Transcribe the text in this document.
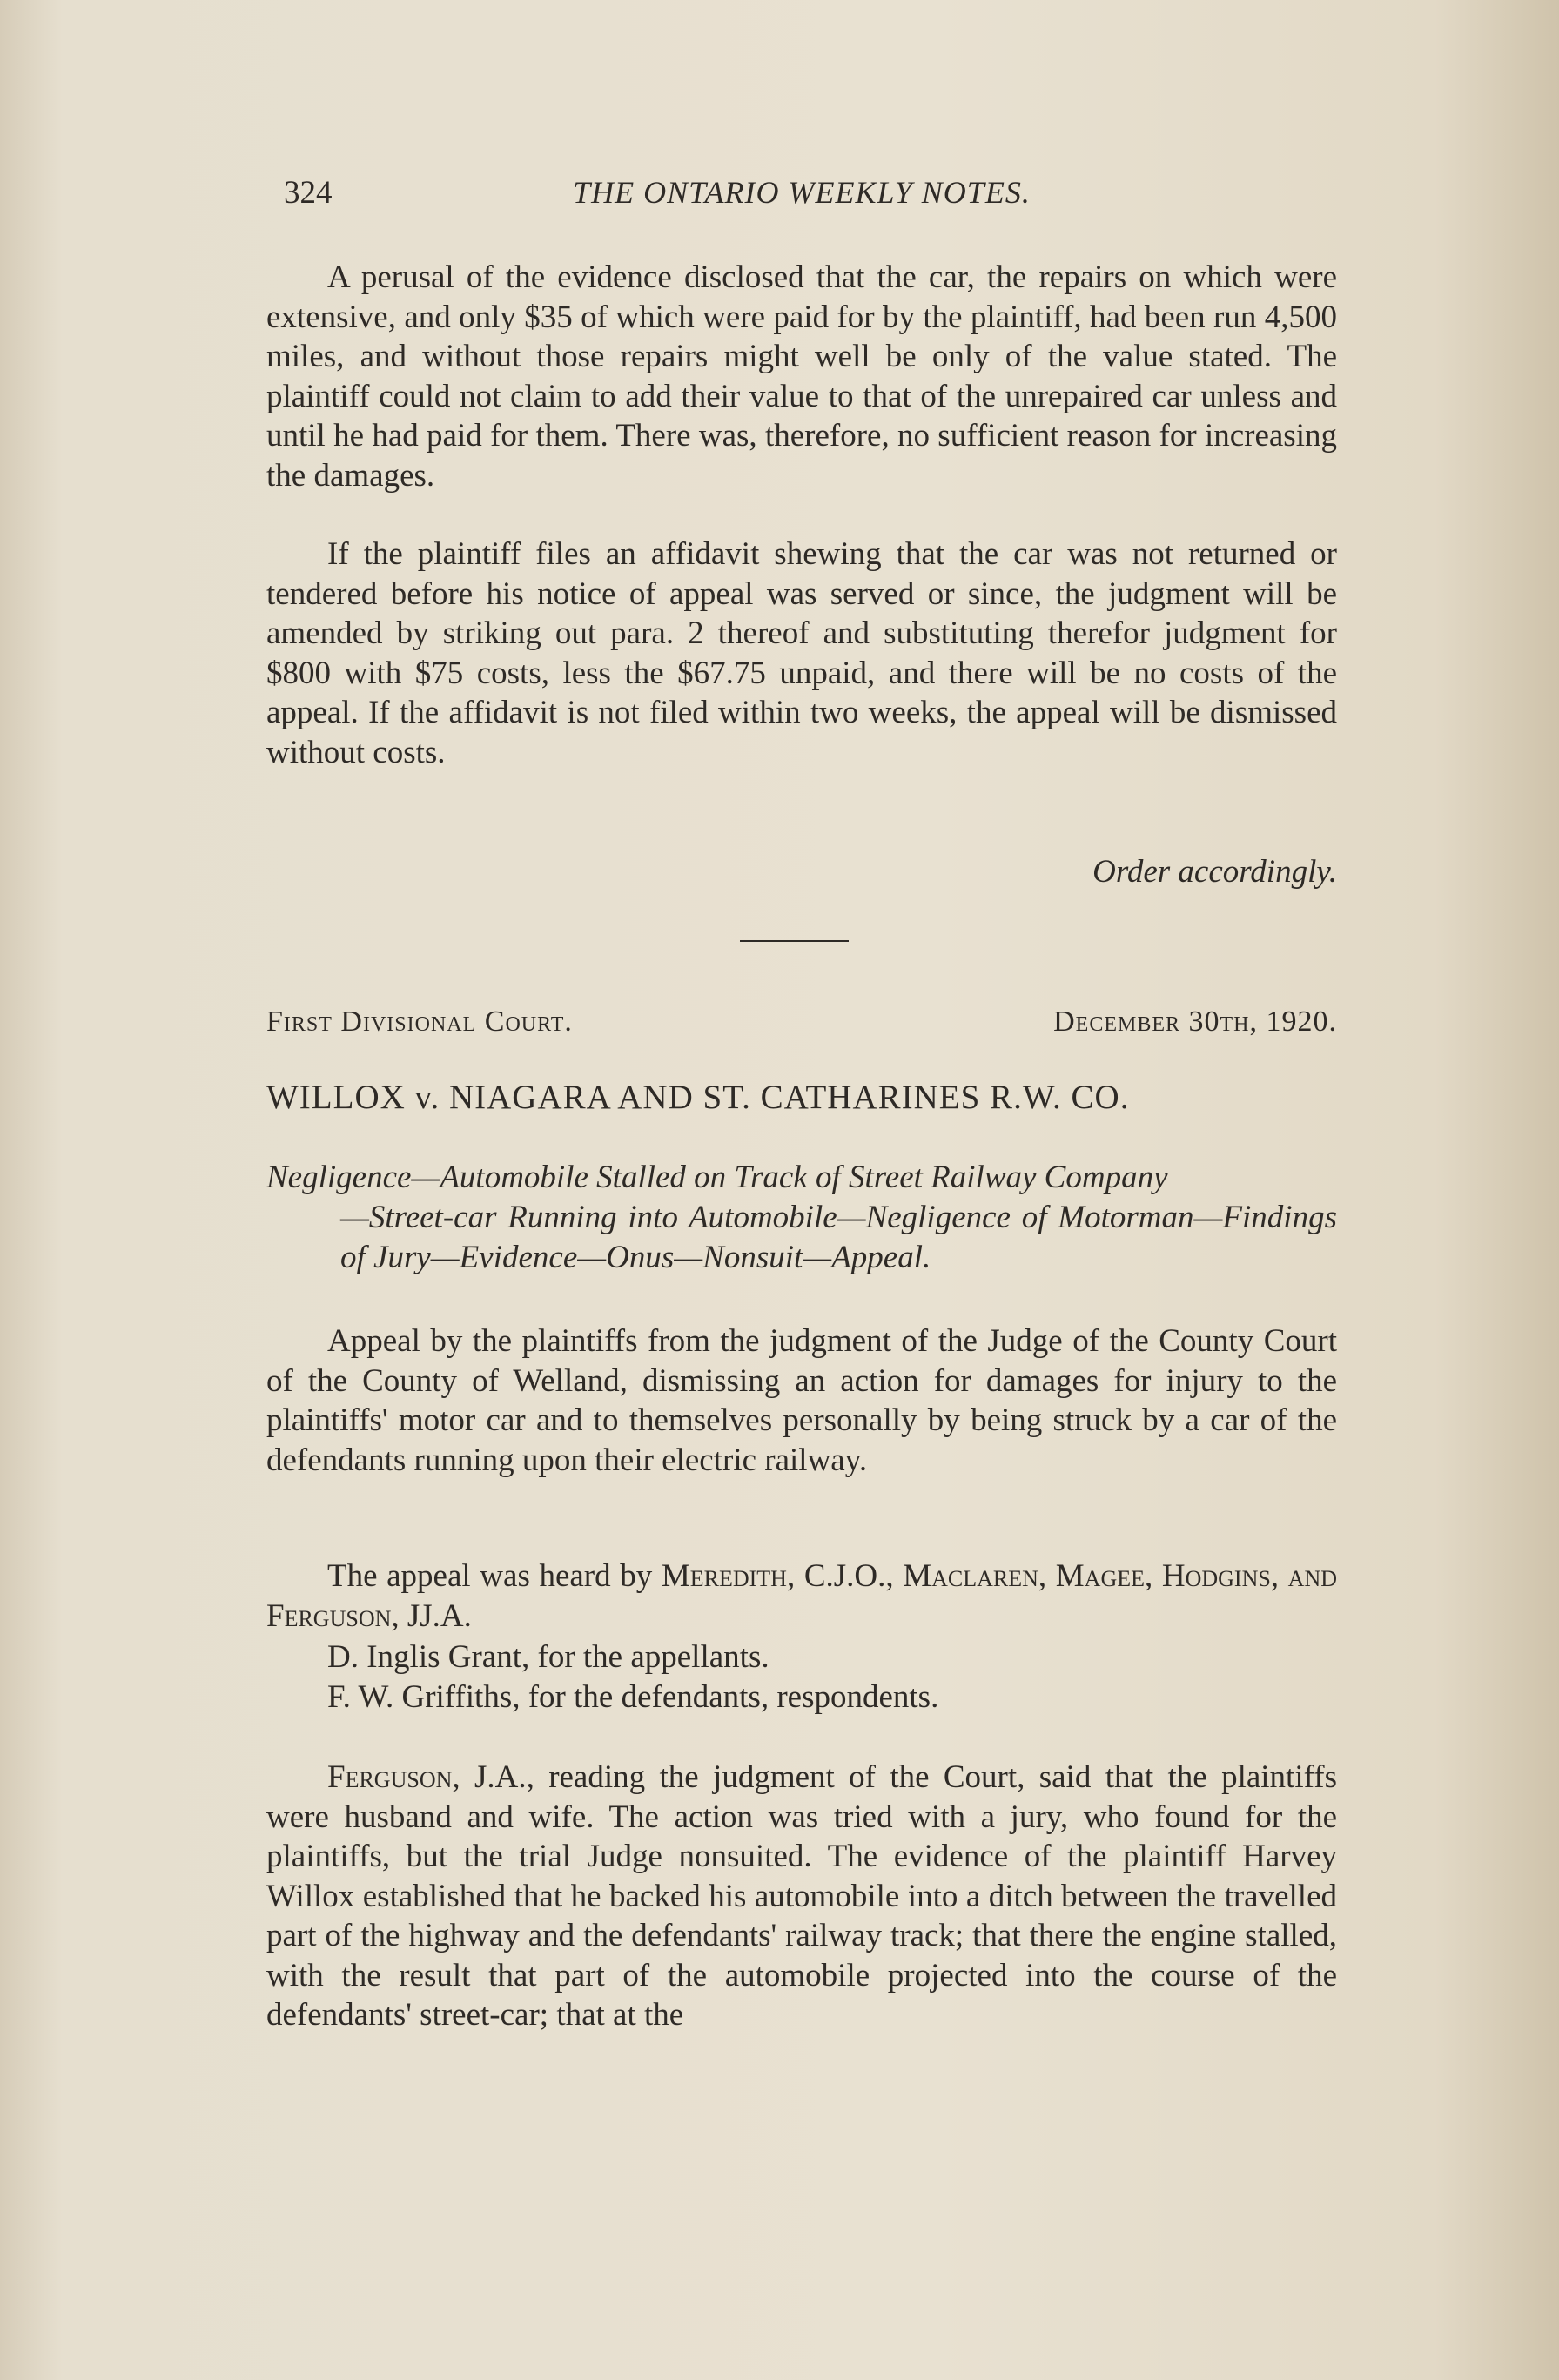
324	THE ONTARIO WEEKLY NOTES.

A perusal of the evidence disclosed that the car, the repairs on which were extensive, and only $35 of which were paid for by the plaintiff, had been run 4,500 miles, and without those repairs might well be only of the value stated. The plaintiff could not claim to add their value to that of the unrepaired car unless and until he had paid for them. There was, therefore, no sufficient reason for increasing the damages.

If the plaintiff files an affidavit shewing that the car was not returned or tendered before his notice of appeal was served or since, the judgment will be amended by striking out para. 2 thereof and substituting therefor judgment for $800 with $75 costs, less the $67.75 unpaid, and there will be no costs of the appeal. If the affidavit is not filed within two weeks, the appeal will be dismissed without costs.

Order accordingly.
First Divisional Court.	December 30th, 1920.
WILLOX v. NIAGARA AND ST. CATHARINES R.W. CO.
Negligence—Automobile Stalled on Track of Street Railway Company
—Street-car Running into Automobile—Negligence of Motorman—Findings of Jury—Evidence—Onus—Nonsuit—Appeal.

Appeal by the plaintiffs from the judgment of the Judge of the County Court of the County of Welland, dismissing an action for damages for injury to the plaintiffs' motor car and to themselves personally by being struck by a car of the defendants running upon their electric railway.

The appeal was heard by Meredith, C.J.O., Maclaren, Magee, Hodgins, and Ferguson, JJ.A.

D. Inglis Grant, for the appellants.

F. W. Griffiths, for the defendants, respondents.

Ferguson, J.A., reading the judgment of the Court, said that the plaintiffs were husband and wife. The action was tried with a jury, who found for the plaintiffs, but the trial Judge nonsuited. The evidence of the plaintiff Harvey Willox established that he backed his automobile into a ditch between the travelled part of the highway and the defendants' railway track; that there the engine stalled, with the result that part of the automobile projected into the course of the defendants' street-car; that at the
